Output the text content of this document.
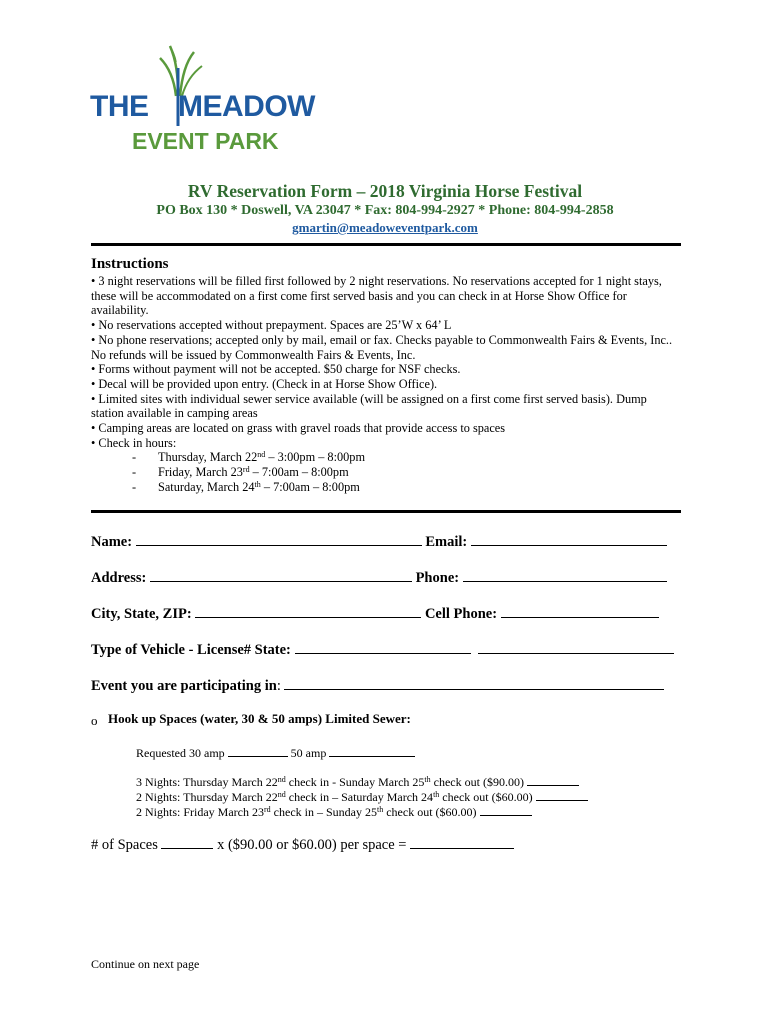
THE MEADOW
EVENT PARK
RV Reservation Form – 2018 Virginia Horse Festival
PO Box 130 * Doswell, VA 23047 * Fax: 804-994-2927 * Phone: 804-994-2858
gmartin@meadoweventpark.com
Instructions

• 3 night reservations will be filled first followed by 2 night reservations. No reservations accepted for 1 night stays, these will be accommodated on a first come first served basis and you can check in at Horse Show Office for availability.

• No reservations accepted without prepayment. Spaces are 25’W x 64’ L

• No phone reservations; accepted only by mail, email or fax. Checks payable to Commonwealth Fairs & Events, Inc.. No refunds will be issued by Commonwealth Fairs & Events, Inc.

• Forms without payment will not be accepted. $50 charge for NSF checks.

• Decal will be provided upon entry. (Check in at Horse Show Office).

• Limited sites with individual sewer service available (will be assigned on a first come first served basis). Dump station available in camping areas

• Camping areas are located on grass with gravel roads that provide access to spaces

• Check in hours:

- Thursday, March 22nd – 3:00pm – 8:00pm
- Friday, March 23rd – 7:00am – 8:00pm
- Saturday, March 24th – 7:00am – 8:00pm
Name:	Email:
Address:	Phone:
City, State, ZIP:	Cell Phone:
Type of Vehicle - License# State:
Event you are participating in:
o Hook up Spaces (water, 30 & 50 amps) Limited Sewer:
Requested 30 amp	50 amp
3 Nights: Thursday March 22nd check in - Sunday March 25th check out ($90.00)
2 Nights: Thursday March 22nd check in – Saturday March 24th check out ($60.00)
2 Nights: Friday March 23rd check in – Sunday 25th check out ($60.00)
# of Spaces	x ($90.00 or $60.00) per space =
Continue on next page
